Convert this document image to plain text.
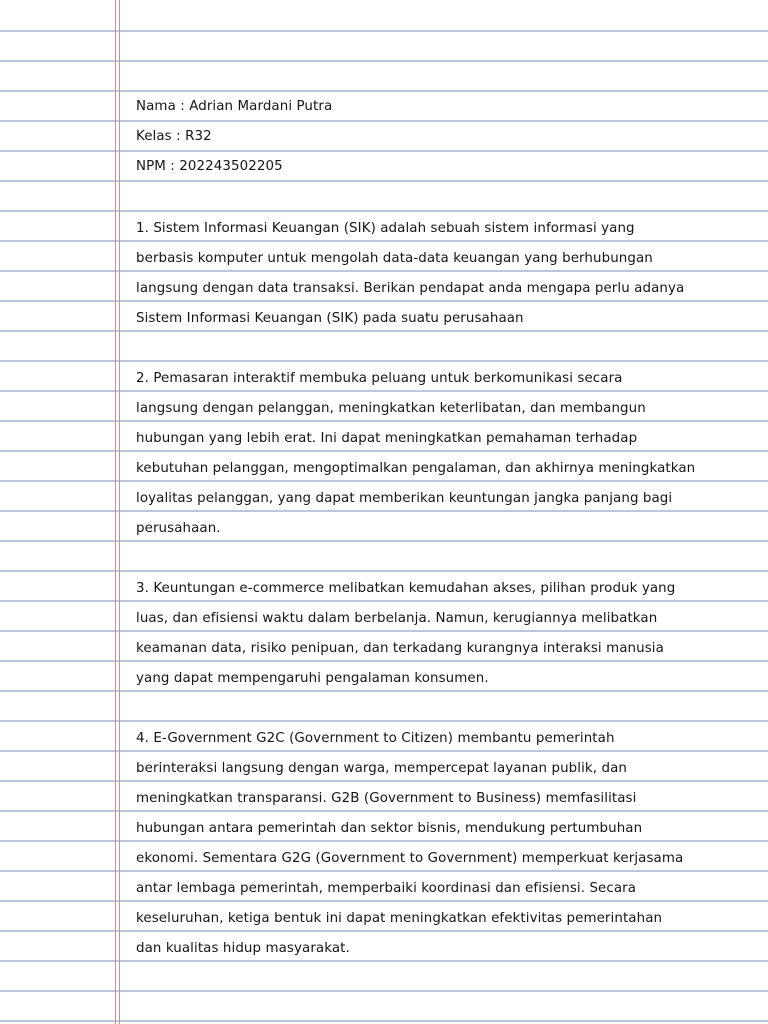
Nama : Adrian Mardani Putra
Kelas : R32
NPM : 202243502205
1. Sistem Informasi Keuangan (SIK) adalah sebuah sistem informasi yang
berbasis komputer untuk mengolah data-data keuangan yang berhubungan
langsung dengan data transaksi. Berikan pendapat anda mengapa perlu adanya
Sistem Informasi Keuangan (SIK) pada suatu perusahaan
2. Pemasaran interaktif membuka peluang untuk berkomunikasi secara
langsung dengan pelanggan, meningkatkan keterlibatan, dan membangun
hubungan yang lebih erat. Ini dapat meningkatkan pemahaman terhadap
kebutuhan pelanggan, mengoptimalkan pengalaman, dan akhirnya meningkatkan
loyalitas pelanggan, yang dapat memberikan keuntungan jangka panjang bagi
perusahaan.
3. Keuntungan e-commerce melibatkan kemudahan akses, pilihan produk yang
luas, dan efisiensi waktu dalam berbelanja. Namun, kerugiannya melibatkan
keamanan data, risiko penipuan, dan terkadang kurangnya interaksi manusia
yang dapat mempengaruhi pengalaman konsumen.
4. E-Government G2C (Government to Citizen) membantu pemerintah
berinteraksi langsung dengan warga, mempercepat layanan publik, dan
meningkatkan transparansi. G2B (Government to Business) memfasilitasi
hubungan antara pemerintah dan sektor bisnis, mendukung pertumbuhan
ekonomi. Sementara G2G (Government to Government) memperkuat kerjasama
antar lembaga pemerintah, memperbaiki koordinasi dan efisiensi. Secara
keseluruhan, ketiga bentuk ini dapat meningkatkan efektivitas pemerintahan
dan kualitas hidup masyarakat.
